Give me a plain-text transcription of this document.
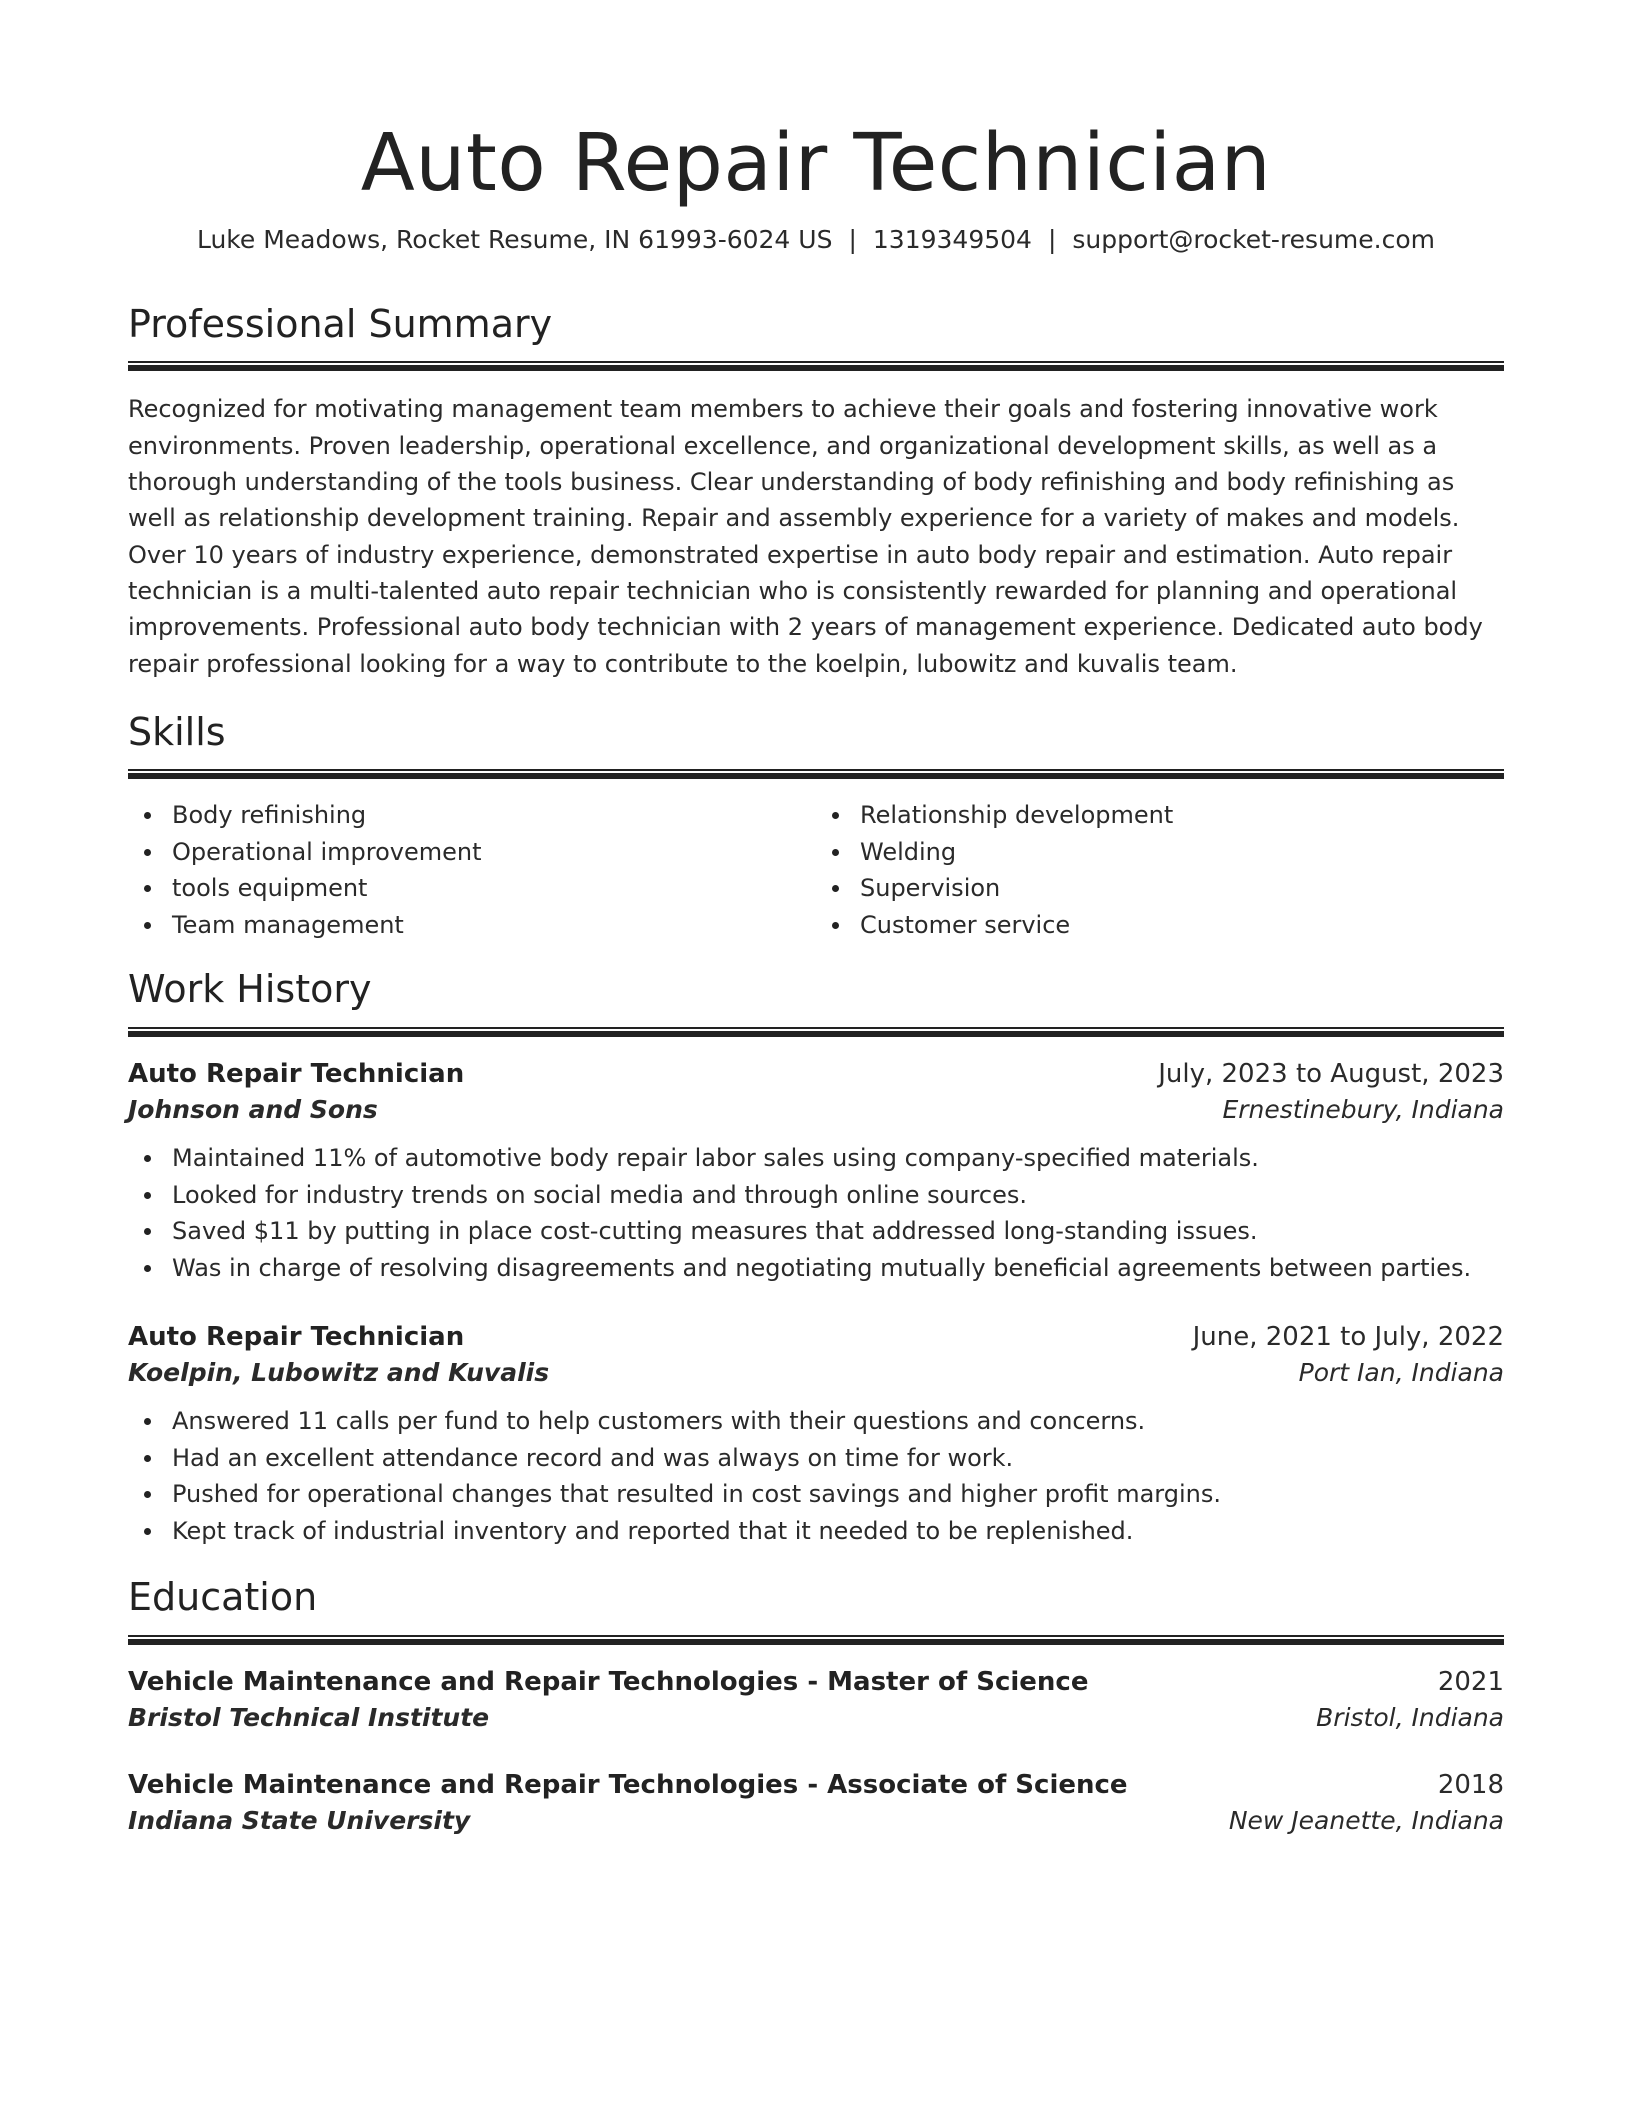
Auto Repair Technician
Luke Meadows, Rocket Resume, IN 61993-6024 US | 1319349504 | support@rocket-resume.com
Professional Summary

Recognized for motivating management team members to achieve their goals and fostering innovative work environments. Proven leadership, operational excellence, and organizational development skills, as well as a thorough understanding of the tools business. Clear understanding of body refinishing and body refinishing as well as relationship development training. Repair and assembly experience for a variety of makes and models. Over 10 years of industry experience, demonstrated expertise in auto body repair and estimation. Auto repair technician is a multi-talented auto repair technician who is consistently rewarded for planning and operational improvements. Professional auto body technician with 2 years of management experience. Dedicated auto body repair professional looking for a way to contribute to the koelpin, lubowitz and kuvalis team.

Skills
Body refinishing
Operational improvement
tools equipment
Team management
Relationship development
Welding
Supervision
Customer service
Work History
Auto Repair Technician	July, 2023 to August, 2023
Johnson and Sons	Ernestinebury, Indiana
Maintained 11% of automotive body repair labor sales using company-specified materials.
Looked for industry trends on social media and through online sources.
Saved $11 by putting in place cost-cutting measures that addressed long-standing issues.
Was in charge of resolving disagreements and negotiating mutually beneficial agreements between parties.
Auto Repair Technician	June, 2021 to July, 2022
Koelpin, Lubowitz and Kuvalis	Port Ian, Indiana
Answered 11 calls per fund to help customers with their questions and concerns.
Had an excellent attendance record and was always on time for work.
Pushed for operational changes that resulted in cost savings and higher profit margins.
Kept track of industrial inventory and reported that it needed to be replenished.
Education
Vehicle Maintenance and Repair Technologies - Master of Science	2021
Bristol Technical Institute	Bristol, Indiana
Vehicle Maintenance and Repair Technologies - Associate of Science	2018
Indiana State University	New Jeanette, Indiana
